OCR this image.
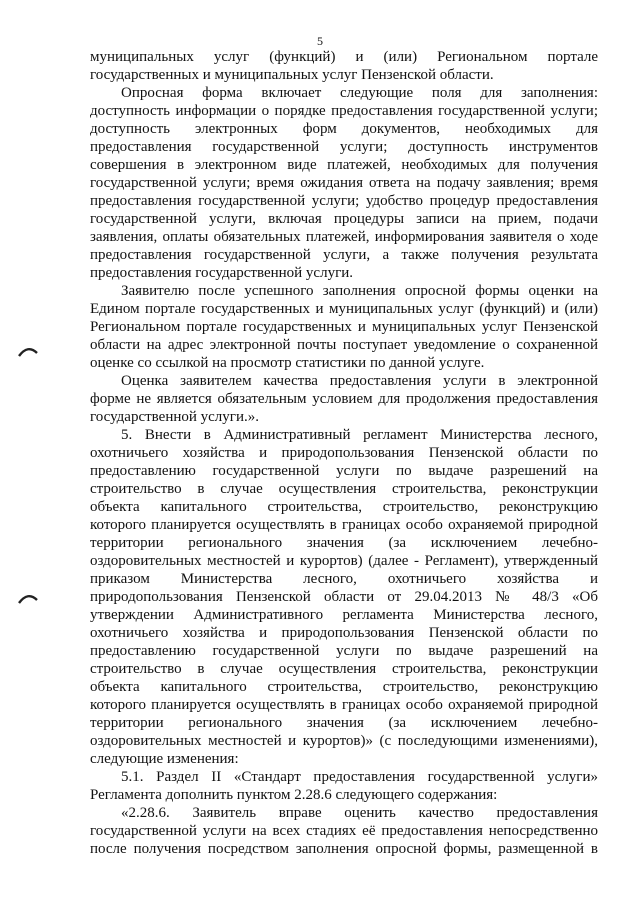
5
муниципальных услуг (функций) и (или) Региональном портале
государственных и муниципальных услуг Пензенской области.
Опросная форма включает следующие поля для заполнения:
доступность информации о порядке предоставления государственной услуги;
доступность электронных форм документов, необходимых для
предоставления государственной услуги; доступность инструментов
совершения в электронном виде платежей, необходимых для получения
государственной услуги; время ожидания ответа на подачу заявления; время
предоставления государственной услуги; удобство процедур предоставления
государственной услуги, включая процедуры записи на прием, подачи
заявления, оплаты обязательных платежей, информирования заявителя о ходе
предоставления государственной услуги, а также получения результата
предоставления государственной услуги.
Заявителю после успешного заполнения опросной формы оценки на
Едином портале государственных и муниципальных услуг (функций) и (или)
Региональном портале государственных и муниципальных услуг Пензенской
области на адрес электронной почты поступает уведомление о сохраненной
оценке со ссылкой на просмотр статистики по данной услуге.
Оценка заявителем качества предоставления услуги в электронной
форме не является обязательным условием для продолжения предоставления
государственной услуги.».
5. Внести в Административный регламент Министерства лесного,
охотничьего хозяйства и природопользования Пензенской области по
предоставлению государственной услуги по выдаче разрешений на
строительство в случае осуществления строительства, реконструкции
объекта капитального строительства, строительство, реконструкцию
которого планируется осуществлять в границах особо охраняемой природной
территории регионального значения (за исключением лечебно-
оздоровительных местностей и курортов) (далее - Регламент), утвержденный
приказом Министерства лесного, охотничьего хозяйства и
природопользования Пензенской области от 29.04.2013 № 48/3 «Об
утверждении Административного регламента Министерства лесного,
охотничьего хозяйства и природопользования Пензенской области по
предоставлению государственной услуги по выдаче разрешений на
строительство в случае осуществления строительства, реконструкции
объекта капитального строительства, строительство, реконструкцию
которого планируется осуществлять в границах особо охраняемой природной
территории регионального значения (за исключением лечебно-
оздоровительных местностей и курортов)» (с последующими изменениями),
следующие изменения:
5.1. Раздел II «Стандарт предоставления государственной услуги»
Регламента дополнить пунктом 2.28.6 следующего содержания:
«2.28.6. Заявитель вправе оценить качество предоставления
государственной услуги на всех стадиях её предоставления непосредственно
после получения посредством заполнения опросной формы, размещенной в
